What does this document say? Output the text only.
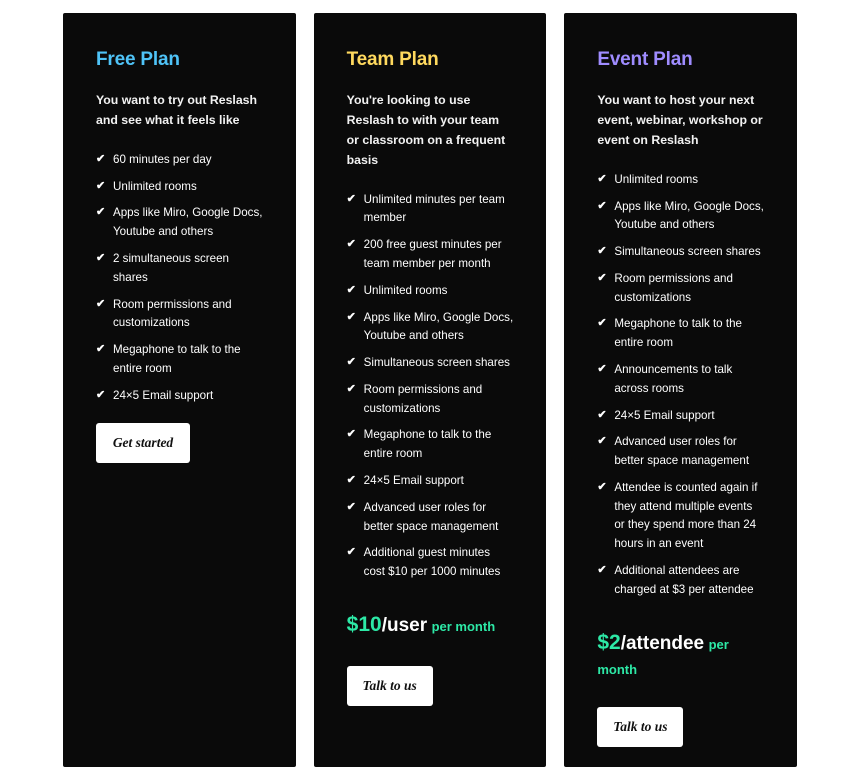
Free Plan

You want to try out Reslash and see what it feels like

✔ 60 minutes per day
✔ Unlimited rooms
✔ Apps like Miro, Google Docs, Youtube and others
✔ 2 simultaneous screen shares
✔ Room permissions and customizations
✔ Megaphone to talk to the entire room
✔ 24×5 Email support
Get started
Team Plan

You're looking to use Reslash to with your team or classroom on a frequent basis

✔ Unlimited minutes per team member
✔ 200 free guest minutes per team member per month
✔ Unlimited rooms
✔ Apps like Miro, Google Docs, Youtube and others
✔ Simultaneous screen shares
✔ Room permissions and customizations
✔ Megaphone to talk to the entire room
✔ 24×5 Email support
✔ Advanced user roles for better space management
✔ Additional guest minutes cost $10 per 1000 minutes
$10/user per month
Talk to us
Event Plan

You want to host your next event, webinar, workshop or event on Reslash

✔ Unlimited rooms
✔ Apps like Miro, Google Docs, Youtube and others
✔ Simultaneous screen shares
✔ Room permissions and customizations
✔ Megaphone to talk to the entire room
✔ Announcements to talk across rooms
✔ 24×5 Email support
✔ Advanced user roles for better space management
✔ Attendee is counted again if they attend multiple events or they spend more than 24 hours in an event
✔ Additional attendees are charged at $3 per attendee
$2/attendee per month
Talk to us
